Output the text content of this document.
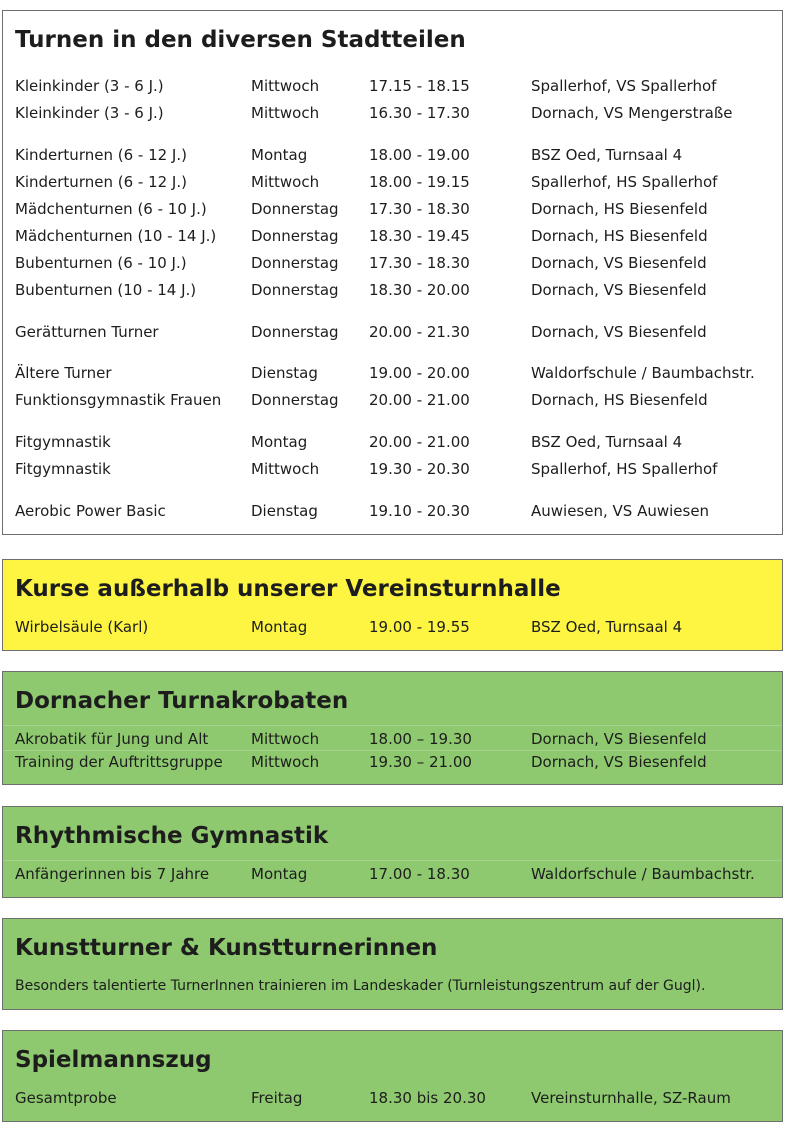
Turnen in den diversen Stadtteilen
Kleinkinder (3 - 6 J.)	Mittwoch	17.15 - 18.15	Spallerhof, VS Spallerhof
Kleinkinder (3 - 6 J.)	Mittwoch	16.30 - 17.30	Dornach, VS Mengerstraße
Kinderturnen (6 - 12 J.)	Montag	18.00 - 19.00	BSZ Oed, Turnsaal 4
Kinderturnen (6 - 12 J.)	Mittwoch	18.00 - 19.15	Spallerhof, HS Spallerhof
Mädchenturnen (6 - 10 J.)	Donnerstag 17.30 - 18.30	Dornach, HS Biesenfeld
Mädchenturnen (10 - 14 J.) Donnerstag 18.30 - 19.45	Dornach, HS Biesenfeld
Bubenturnen (6 - 10 J.)	Donnerstag 17.30 - 18.30	Dornach, VS Biesenfeld
Bubenturnen (10 - 14 J.)	Donnerstag 18.30 - 20.00	Dornach, VS Biesenfeld
Gerätturnen Turner	Donnerstag 20.00 - 21.30	Dornach, VS Biesenfeld
Ältere Turner	Dienstag	19.00 - 20.00	Waldorfschule / Baumbachstr.
Funktionsgymnastik Frauen Donnerstag 20.00 - 21.00	Dornach, HS Biesenfeld
Fitgymnastik	Montag	20.00 - 21.00	BSZ Oed, Turnsaal 4
Fitgymnastik	Mittwoch	19.30 - 20.30	Spallerhof, HS Spallerhof
Aerobic Power Basic	Dienstag	19.10 - 20.30	Auwiesen, VS Auwiesen
Kurse außerhalb unserer Vereinsturnhalle
Wirbelsäule (Karl)	Montag	19.00 - 19.55	BSZ Oed, Turnsaal 4
Dornacher Turnakrobaten
Akrobatik für Jung und Alt	Mittwoch	18.00 – 19.30	Dornach, VS Biesenfeld
Training der Auftrittsgruppe Mittwoch	19.30 – 21.00	Dornach, VS Biesenfeld
Rhythmische Gymnastik
Anfängerinnen bis 7 Jahre	Montag	17.00 - 18.30	Waldorfschule / Baumbachstr.
Kunstturner & Kunstturnerinnen
Besonders talentierte TurnerInnen trainieren im Landeskader (Turnleistungszentrum auf der Gugl).
Spielmannszug
Gesamtprobe	Freitag	18.30 bis 20.30	Vereinsturnhalle, SZ-Raum
